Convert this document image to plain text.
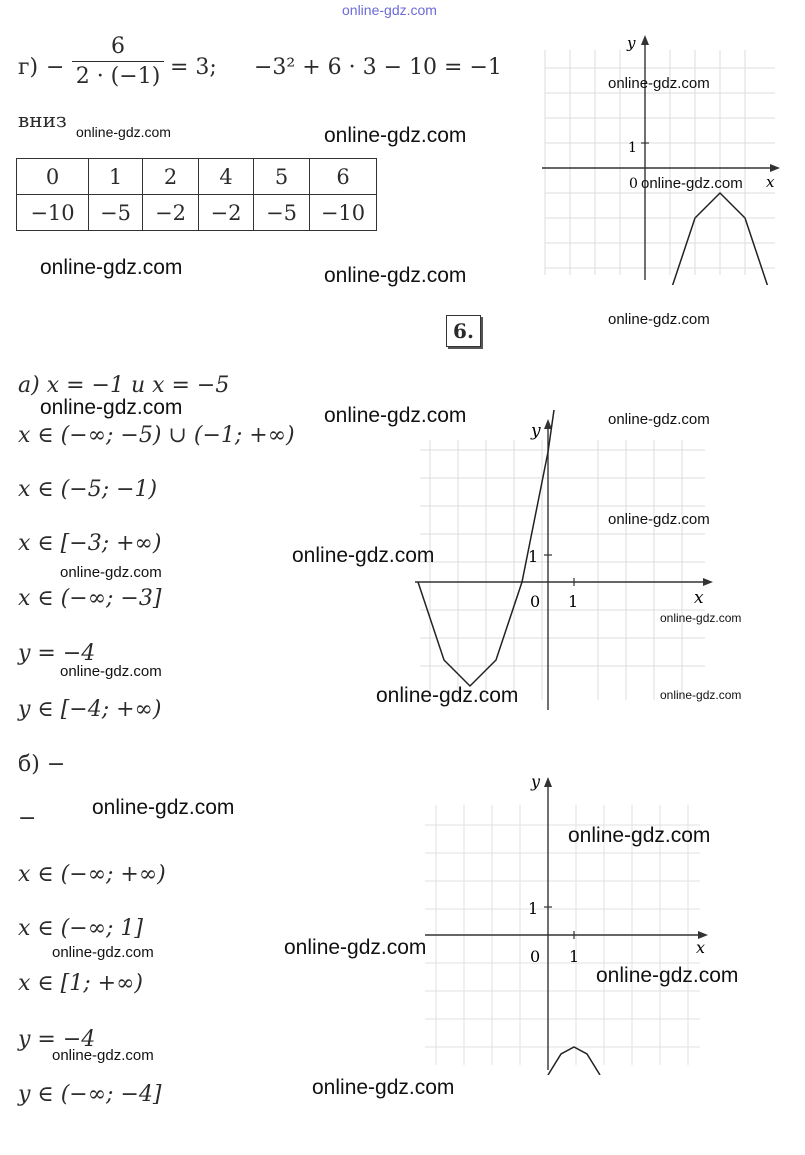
online-gdz.com
г) −
6
2 · (−1) = 3; −3² + 6 · 3 − 10 = −1
вниз
0	1	2	4	5	6
−10	−5	−2	−2	−5	−10
6.
а) x = −1 и x = −5
x ∈ (−∞; −5) ∪ (−1; +∞)
x ∈ (−5; −1)
x ∈ [−3; +∞)
x ∈ (−∞; −3]
y = −4
y ∈ [−4; +∞)
б) −
−
x ∈ (−∞; +∞)
x ∈ (−∞; 1]
x ∈ [1; +∞)
y = −4
y ∈ (−∞; −4]
x
y
1
0
x
y
1
0 1
x
y
1
0 1
online-gdz.com	online-gdz.com
online-gdz.com
online-gdz.com
online-gdz.com	online-gdz.com
online-gdz.com
online-gdz.com	online-gdz.com	online-gdz.com
online-gdz.com
online-gdz.com
online-gdz.com
online-gdz.com
online-gdz.com
online-gdz.com	online-gdz.com
online-gdz.com
online-gdz.com
online-gdz.com
online-gdz.com
online-gdz.com
online-gdz.com
online-gdz.com
